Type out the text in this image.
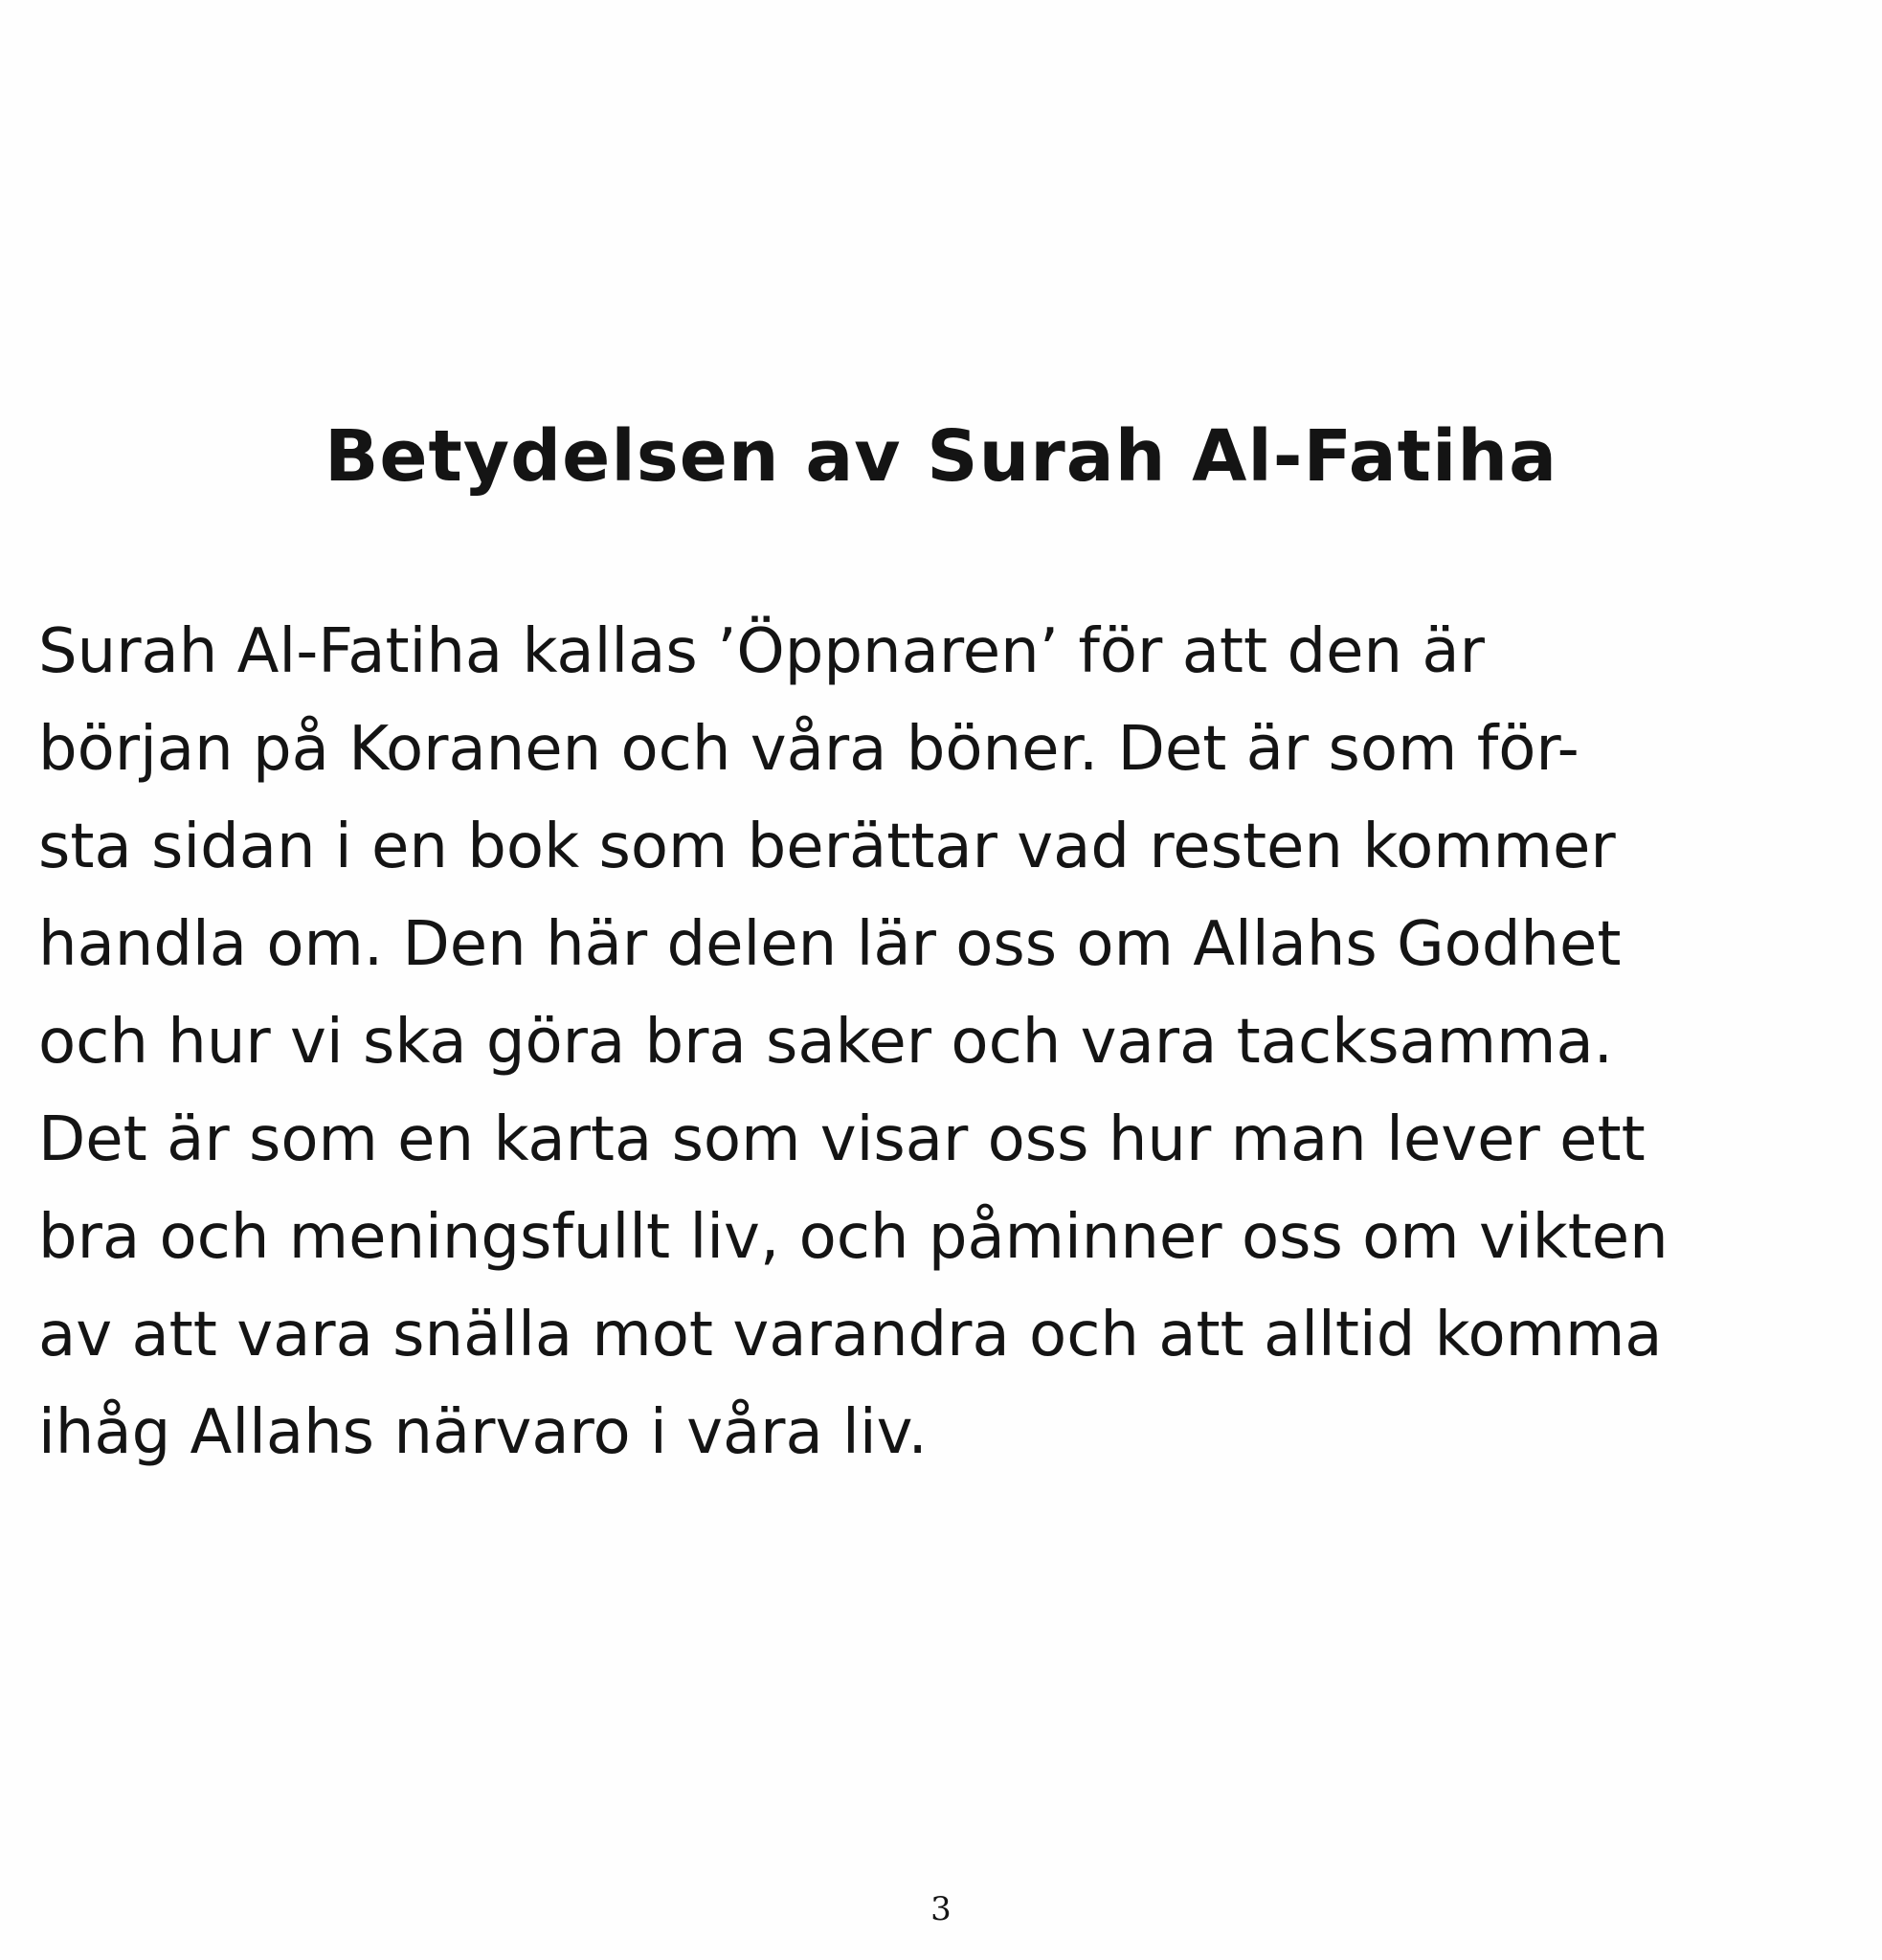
Betydelsen av Surah Al-Fatiha
Surah Al-Fatiha kallas ’Öppnaren’ för att den är
början på Koranen och våra böner. Det är som för-
sta sidan i en bok som berättar vad resten kommer
handla om. Den här delen lär oss om Allahs Godhet
och hur vi ska göra bra saker och vara tacksamma.
Det är som en karta som visar oss hur man lever ett
bra och meningsfullt liv, och påminner oss om vikten
av att vara snälla mot varandra och att alltid komma
ihåg Allahs närvaro i våra liv.
3
